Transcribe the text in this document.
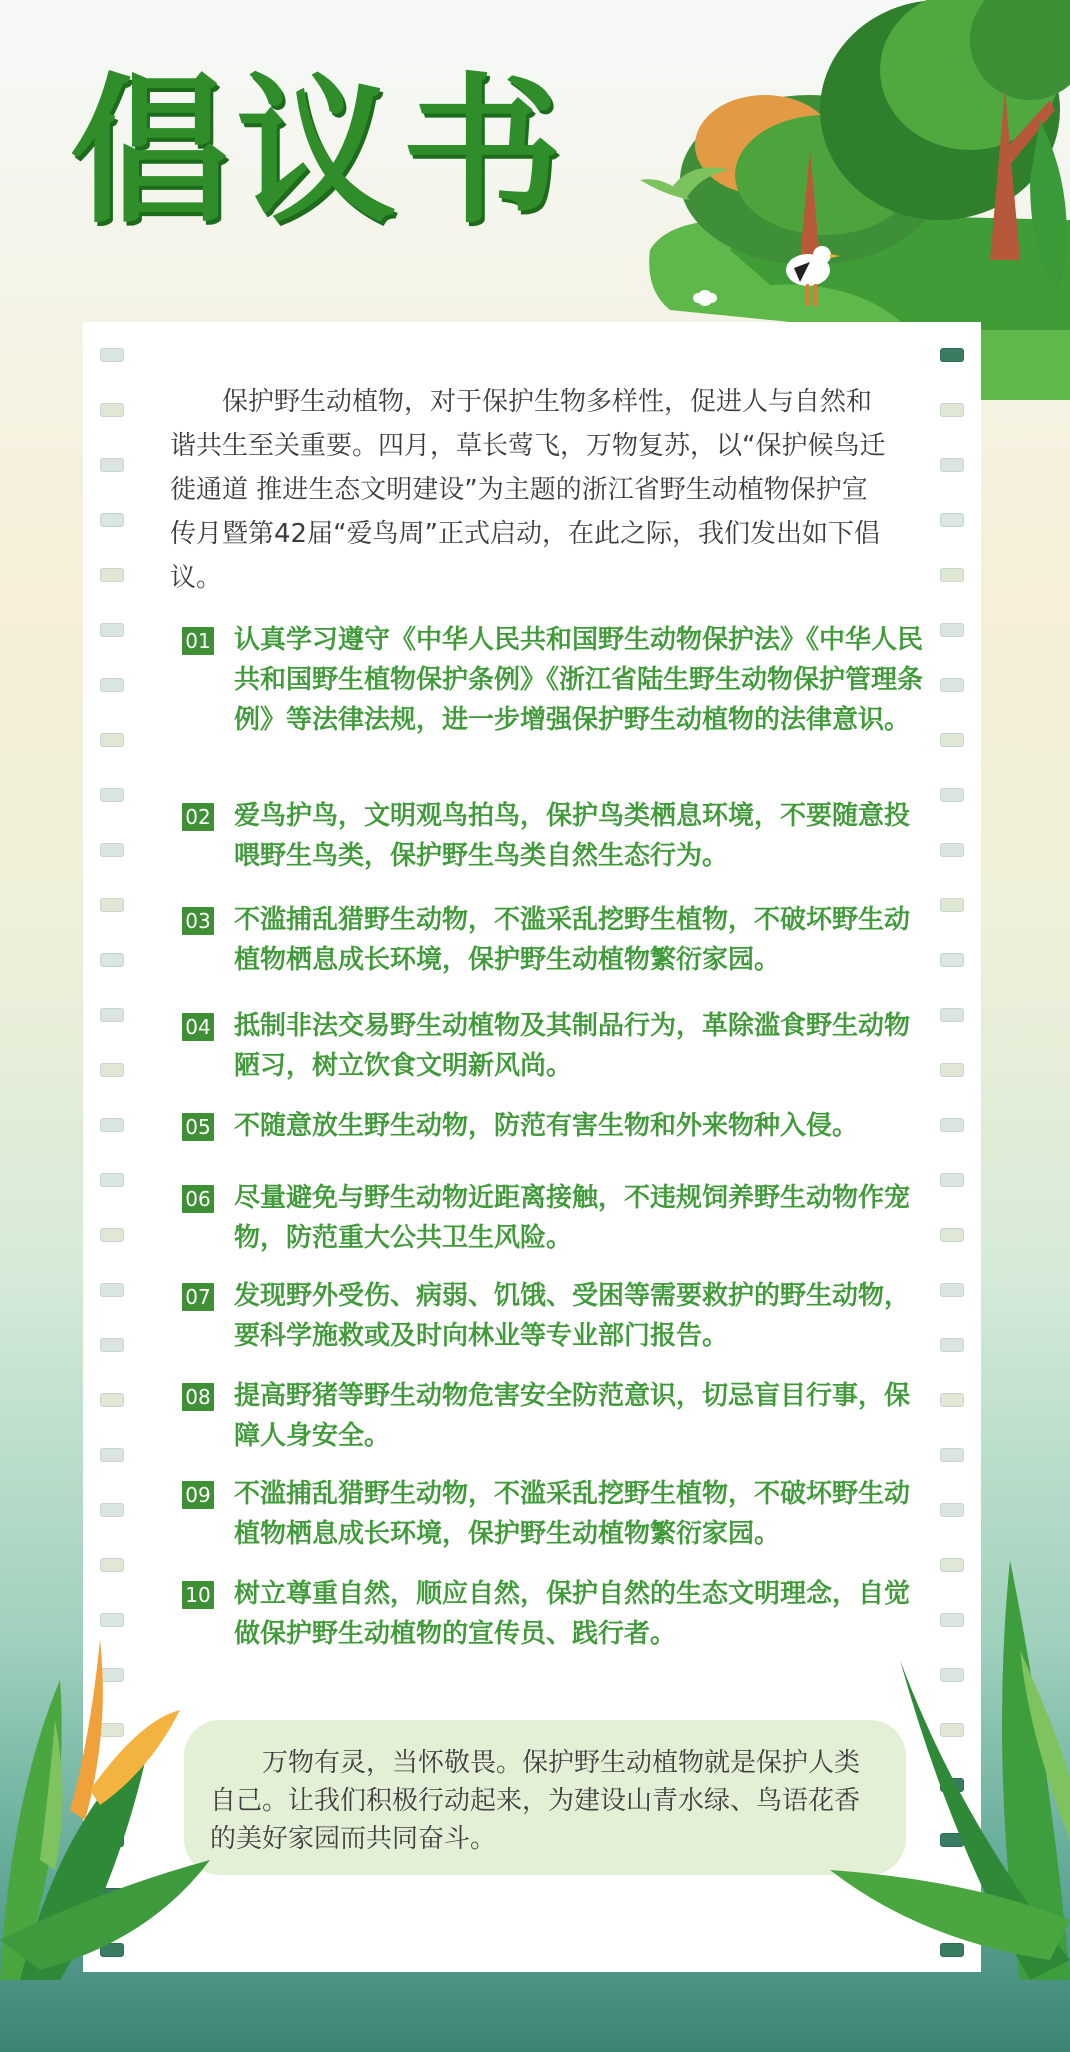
倡议书

保护野生动植物，对于保护生物多样性，促进人与自然和谐共生至关重要。四月，草长莺飞，万物复苏，以“保护候鸟迁徙通道 推进生态文明建设”为主题的浙江省野生动植物保护宣传月暨第42届“爱鸟周”正式启动，在此之际，我们发出如下倡议。

01 认真学习遵守《中华人民共和国野生动物保护法》《中华人民共和国野生植物保护条例》《浙江省陆生野生动物保护管理条例》等法律法规，进一步增强保护野生动植物的法律意识。

02 爱鸟护鸟，文明观鸟拍鸟，保护鸟类栖息环境，不要随意投喂野生鸟类，保护野生鸟类自然生态行为。

03 不滥捕乱猎野生动物，不滥采乱挖野生植物，不破坏野生动植物栖息成长环境，保护野生动植物繁衍家园。

04 抵制非法交易野生动植物及其制品行为，革除滥食野生动物陋习，树立饮食文明新风尚。

05 不随意放生野生动物，防范有害生物和外来物种入侵。

06 尽量避免与野生动物近距离接触，不违规饲养野生动物作宠物，防范重大公共卫生风险。

07 发现野外受伤、病弱、饥饿、受困等需要救护的野生动物，要科学施救或及时向林业等专业部门报告。

08 提高野猪等野生动物危害安全防范意识，切忌盲目行事，保障人身安全。

09 不滥捕乱猎野生动物，不滥采乱挖野生植物，不破坏野生动植物栖息成长环境，保护野生动植物繁衍家园。

10 树立尊重自然，顺应自然，保护自然的生态文明理念，自觉做保护野生动植物的宣传员、践行者。

万物有灵，当怀敬畏。保护野生动植物就是保护人类自己。让我们积极行动起来，为建设山青水绿、鸟语花香的美好家园而共同奋斗。
